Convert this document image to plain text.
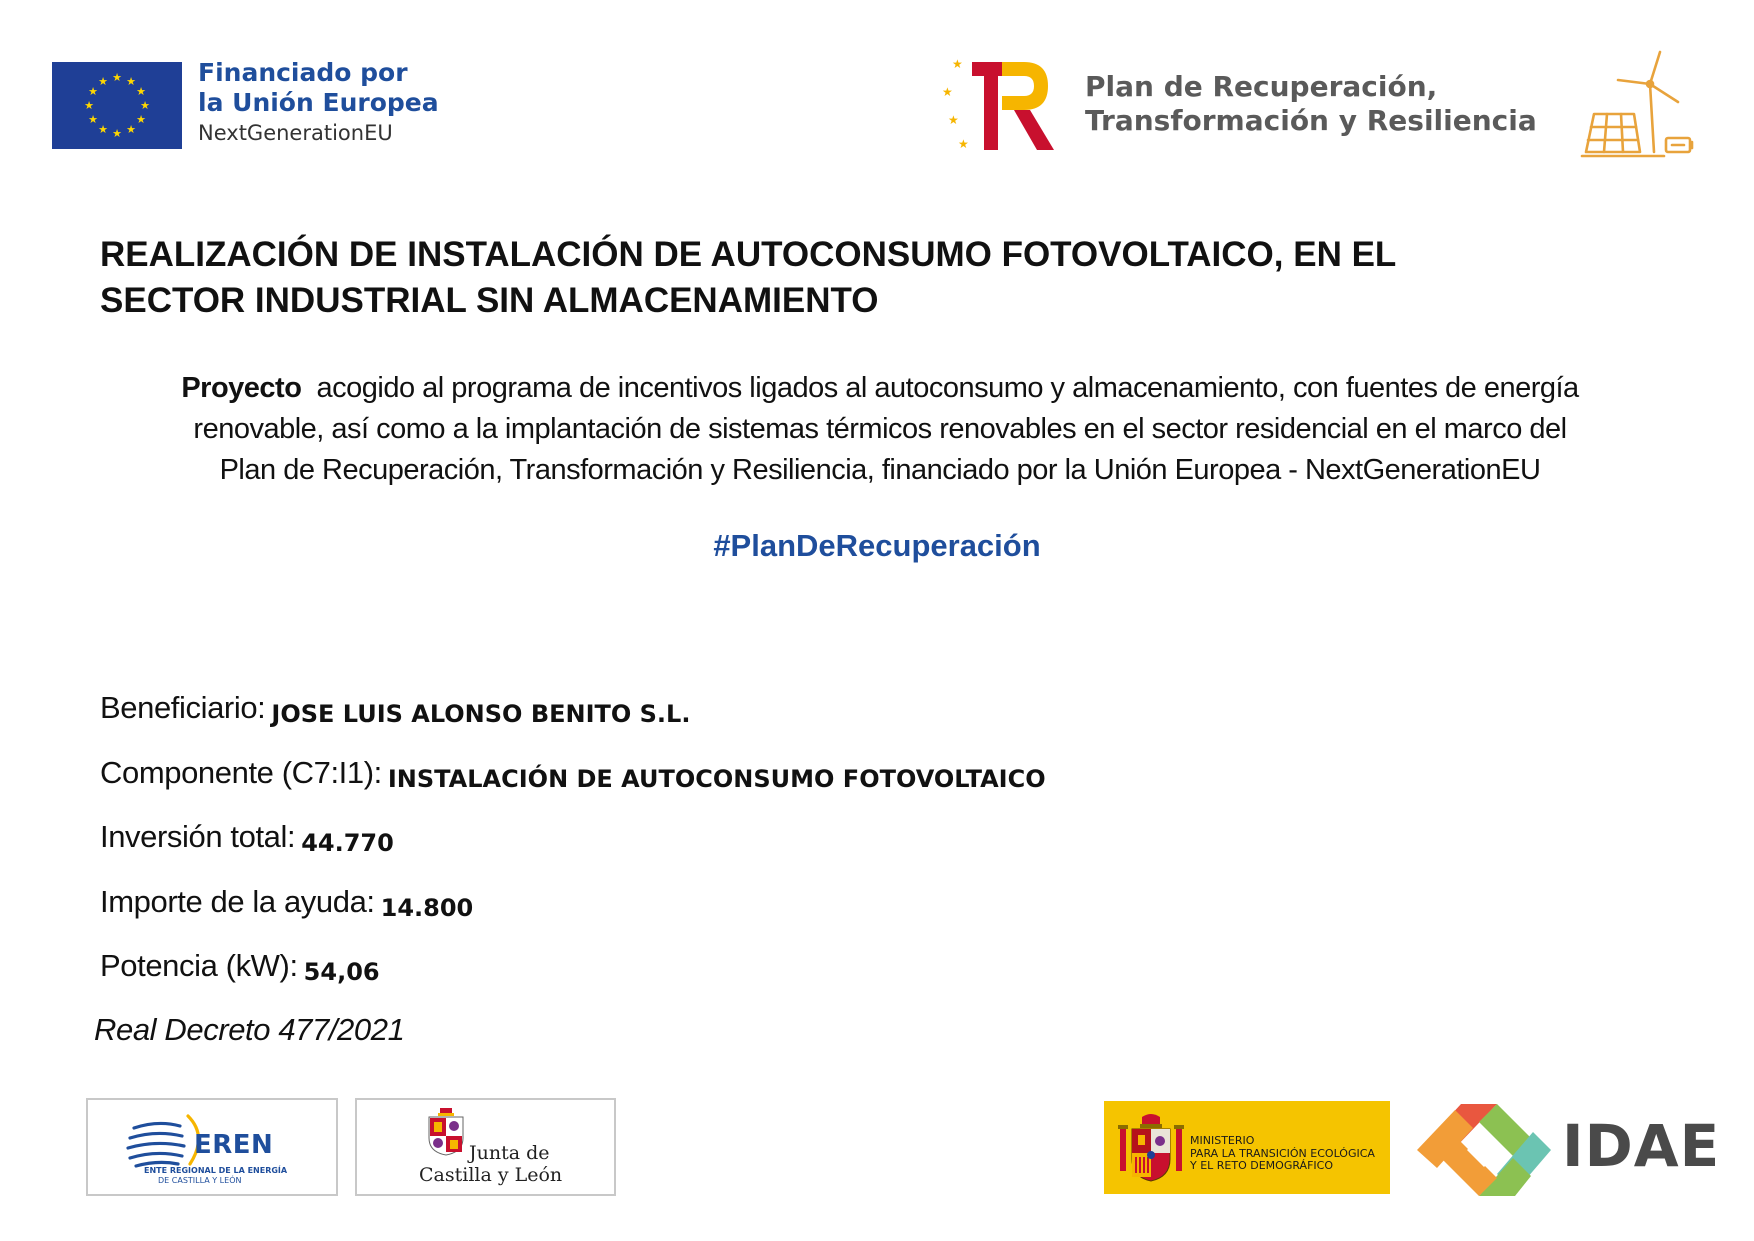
★ ★
★
★
★
★
★
★
★
★
★
★	Financiado por
la Unión Europea
NextGenerationEU
★
★
★
★
Plan de Recuperación,
Transformación y Resiliencia
REALIZACIÓN DE INSTALACIÓN DE AUTOCONSUMO FOTOVOLTAICO, EN EL
SECTOR INDUSTRIAL SIN ALMACENAMIENTO
Proyecto  acogido al programa de incentivos ligados al autoconsumo y almacenamiento, con fuentes de energía
renovable, así como a la implantación de sistemas térmicos renovables en el sector residencial en el marco del
Plan de Recuperación, Transformación y Resiliencia, financiado por la Unión Europea - NextGenerationEU
#PlanDeRecuperación
Beneficiario: JOSE LUIS ALONSO BENITO S.L.
Componente (C7:I1): INSTALACIÓN DE AUTOCONSUMO FOTOVOLTAICO
Inversión total: 44.770
Importe de la ayuda: 14.800
Potencia (kW): 54,06
Real Decreto 477/2021
EREN
ENTE REGIONAL DE LA ENERGÍA
DE CASTILLA Y LEÓN
Junta de
Castilla y León
MINISTERIO
PARA LA TRANSICIÓN ECOLÓGICA
Y EL RETO DEMOGRÁFICO	IDAE
